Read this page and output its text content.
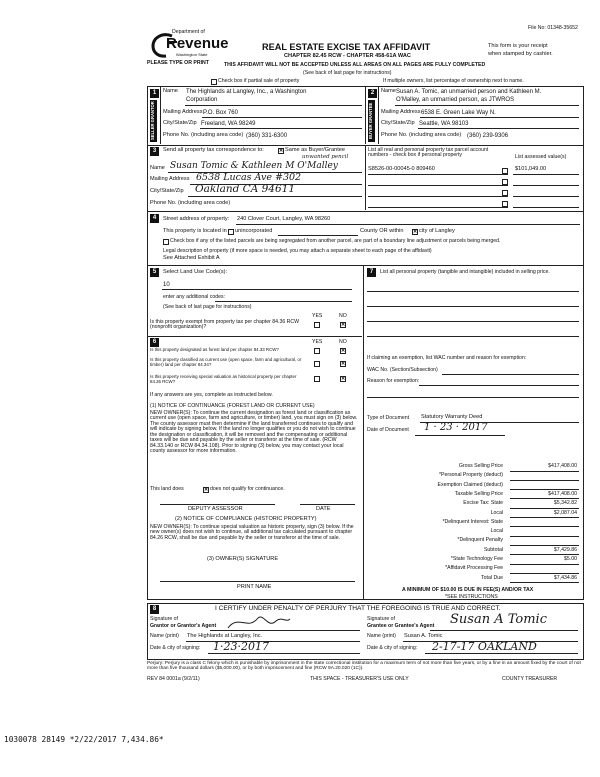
File No: 01348-35652
Department of
Revenue
Washington State
PLEASE TYPE OR PRINT
REAL ESTATE EXCISE TAX AFFIDAVIT
CHAPTER 82.45 RCW - CHAPTER 458-61A WAC
THIS AFFIDAVIT WILL NOT BE ACCEPTED UNLESS ALL AREAS ON ALL PAGES ARE FULLY COMPLETED
(See back of last page for instructions)
This form is your receipt
when stamped by cashier.
Check box if partial sale of property	If multiple owners, list percentage of ownership next to name.
1
SELLER GRANTOR
Name The Highlands at Langley, Inc., a Washington
Corporation
Mailing Address P.O. Box 760
City/State/Zip Freeland, WA 98249
Phone No. (including area code) (360) 331-6300
2
BUYER GRANTEE
Name Susan A. Tomic, an unmarried person and Kathleen M.
O'Malley, an unmarried person, as JTWROS
Mailing Address 6538 E. Green Lake Way N.
City/State/Zip Seattle, WA 98103
Phone No. (including area code) (360) 239-9306
3	Send all property tax correspondence to:	✕ Same as Buyer/Grantee
unwanted pencil
Name Susan Tomic & Kathleen M O'Malley
Mailing Address 6538 Lucas Ave #302
City/State/Zip Oakland CA 94611
Phone No. (including area code)
List all real and personal property tax parcel account numbers - check box if personal property	List assessed value(s)
S8526-00-00045-0 809460	$101,049.00
4	Street address of property: 240 Clover Court, Langley, WA 98260
This property is located in unincorporated	County OR within ✕ city of Langley
Check box if any of the listed parcels are being segregated from another parcel, are part of a boundary line adjustment or parcels being merged.
Legal description of property (if more space is needed, you may attach a separate sheet to each page of the affidavit)
See Attached Exhibit A
5	Select Land Use Code(s):
10
enter any additional codes:
(See back of last page for instructions)
YES	NO
Is this property exempt from property tax per chapter 84.36 RCW (nonprofit organization)?	✕
6	YES	NO
Is this property designated as forest land per chapter 84.33 RCW?	✕
Is this property classified as current use (open space, farm and agricultural, or timber) land per chapter 84.34?	✕
Is this property receiving special valuation as historical property per chapter 84.26 RCW?	✕
If any answers are yes, complete as instructed below.
(1) NOTICE OF CONTINUANCE (FOREST LAND OR CURRENT USE)
NEW OWNER(S): To continue the current designation as forest land or classification as current use (open space, farm and agriculture, or timber) land, you must sign on (3) below. The county assessor must then determine if the land transferred continues to qualify and will indicate by signing below. If the land no longer qualifies or you do not wish to continue the designation or classification, it will be removed and the compensating or additional taxes will be due and payable by the seller or transferor at the time of sale. (RCW 84.33.140 or RCW 84.34.108). Prior to signing (3) below, you may contact your local county assessor for more information.
This land does	✕ does not qualify for continuance.
DEPUTY ASSESSOR	DATE
(2) NOTICE OF COMPLIANCE (HISTORIC PROPERTY)
NEW OWNER(S): To continue special valuation as historic property, sign (3) below. If the new owner(s) does not wish to continue, all additional tax calculated pursuant to chapter 84.26 RCW, shall be due and payable by the seller or transferor at the time of sale.
(3) OWNER(S) SIGNATURE
PRINT NAME
7	List all personal property (tangible and intangible) included in selling price.
If claiming an exemption, list WAC number and reason for exemption:
WAC No. (Section/Subsection)
Reason for exemption:
Type of Document Statutory Warranty Deed
Date of Document 1 · 23 · 2017
Gross Selling Price	$417,408.00
*Personal Property (deduct)
Exemption Claimed (deduct)
Taxable Selling Price	$417,408.00
Excise Tax: State	$5,342.82
Local	$2,087.04
*Delinquent Interest: State
Local
*Delinquent Penalty
Subtotal	$7,429.86
*State Technology Fee	$5.00
*Affidavit Processing Fee
Total Due	$7,434.86
A MINIMUM OF $10.00 IS DUE IN FEE(S) AND/OR TAX
*SEE INSTRUCTIONS
8	I CERTIFY UNDER PENALTY OF PERJURY THAT THE FOREGOING IS TRUE AND CORRECT.
Signature of
Grantor or Grantor's Agent
Signature of
Grantee or Grantee's Agent Susan A Tomic
Name (print) The Highlands at Langley, Inc.	Name (print) Susan A. Tomic
Date & city of signing: 1·23·2017	Date & city of signing: 2-17-17 OAKLAND
Perjury: Perjury is a class C felony which is punishable by imprisonment in the state correctional institution for a maximum term of not more than five years, or by a fine in an amount fixed by the court of not more than five thousand dollars ($5,000.00), or by both imprisonment and fine (RCW 9A.20.020 (1C)).
REV 84 0001a (9/2/11)	THIS SPACE - TREASURER'S USE ONLY	COUNTY TREASURER
1030078 28149 *2/22/2017 7,434.86*
